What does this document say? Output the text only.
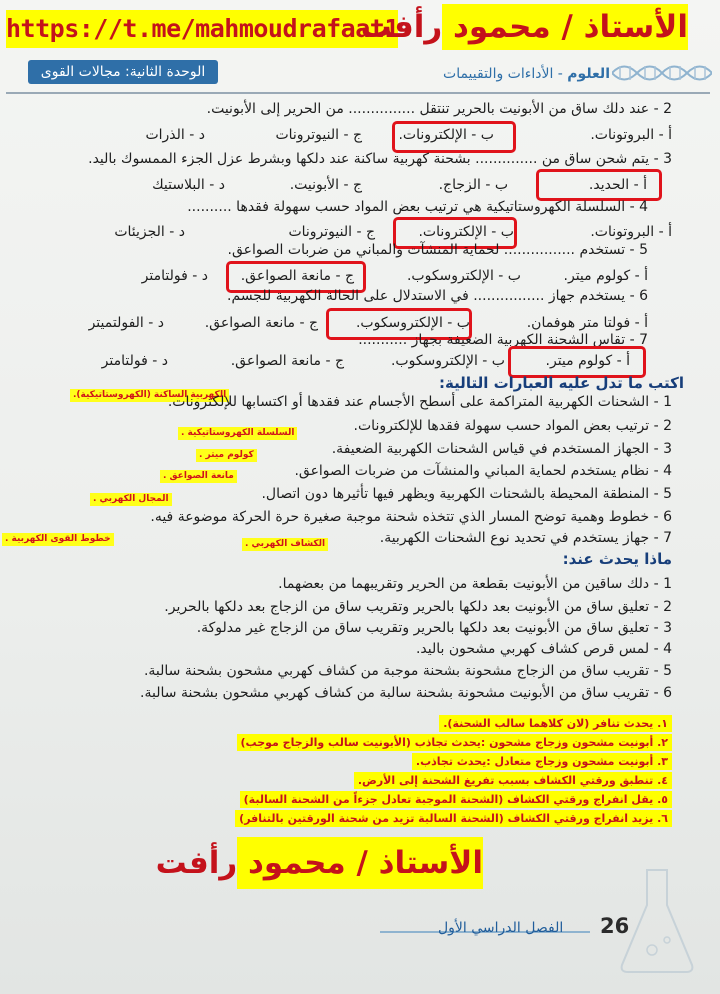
https://t.me/mahmoudrafaat1
الأستاذ / محمود رأفت
الوحدة الثانية: مجالات القوى	العلوم - الأداءات والتقييمات
2 - عند دلك ساق من الأبونيت بالحرير تنتقل ............... من الحرير إلى الأبونيت.
أ - البروتونات.
ب - الإلكترونات.
ج - النيوترونات
د - الذرات
3 - يتم شحن ساق من .............. بشحنة كهربية ساكنة عند دلكها وبشرط عزل الجزء الممسوك باليد.
أ - الحديد.
ب - الزجاج.
ج - الأبونيت.
د - البلاستيك
4 - السلسلة الكهروستاتيكية هي ترتيب بعض المواد حسب سهولة فقدها ..........
أ - البروتونات.
ب - الإلكترونات.
ج - النيوترونات
د - الجزيئات
5 - تستخدم ................ لحماية المنشآت والمباني من ضربات الصواعق.
أ - كولوم ميتر.
ب - الإلكتروسكوب.
ج - مانعة الصواعق.
د - فولتامتر
6 - يستخدم جهاز ................ في الاستدلال على الحالة الكهربية للجسم.
أ - فولتا متر هوفمان.
ب - الإلكتروسكوب.
ج - مانعة الصواعق.
د - الفولتميتر
7 - تقاس الشحنة الكهربية الضعيفة بجهاز ...........
أ - كولوم ميتر.
ب - الإلكتروسكوب.
ج - مانعة الصواعق.
د - فولتامتر
اكتب ما تدل عليه العبارات التالية:
الكهربية الساكنة (الكهروستاتيكية).
1 - الشحنات الكهربية المتراكمة على أسطح الأجسام عند فقدها أو اكتسابها للإلكترونات.
2 - ترتيب بعض المواد حسب سهولة فقدها للإلكترونات.
السلسلة الكهروستاتيكية .
3 - الجهاز المستخدم في قياس الشحنات الكهربية الضعيفة.
كولوم ميتر .
4 - نظام يستخدم لحماية المباني والمنشآت من ضربات الصواعق.
مانعة الصواعق .
5 - المنطقة المحيطة بالشحنات الكهربية ويظهر فيها تأثيرها دون اتصال.
المجال الكهربي .
6 - خطوط وهمية توضح المسار الذي تتخذه شحنة موجبة صغيرة حرة الحركة موضوعة فيه.
خطوط القوى الكهربية .	7 - جهاز يستخدم في تحديد نوع الشحنات الكهربية.
الكشاف الكهربي .
ماذا يحدث عند:
1 - دلك ساقين من الأبونيت بقطعة من الحرير وتقريبهما من بعضهما.
2 - تعليق ساق من الأبونيت بعد دلكها بالحرير وتقريب ساق من الزجاج بعد دلكها بالحرير.
3 - تعليق ساق من الأبونيت بعد دلكها بالحرير وتقريب ساق من الزجاج غير مدلوكة.
4 - لمس قرص كشاف كهربي مشحون باليد.
5 - تقريب ساق من الزجاج مشحونة بشحنة موجبة من كشاف كهربي مشحون بشحنة سالبة.
6 - تقريب ساق من الأبونيت مشحونة بشحنة سالبة من كشاف كهربي مشحون بشحنة سالبة.
١. يحدث تنافر (لان كلاهما سالب الشحنة).
٢. أبونيت مشحون وزجاج مشحون :يحدث تجاذب (الأبونيت سالب والزجاج موجب)
٣. أبونيت مشحون وزجاج متعادل :يحدث تجاذب.
٤. تنطبق ورقتي الكشاف بسبب تفريغ الشحنة إلى الأرض.
٥. يقل انفراج ورقتي الكشاف (الشحنة الموجبة تعادل جزءاً من الشحنة السالبة)
٦. يزيد انفراج ورقتي الكشاف (الشحنة السالبة تزيد من شحنة الورقتين بالتنافر)
الأستاذ / محمود رأفت
الفصل الدراسي الأول 26
